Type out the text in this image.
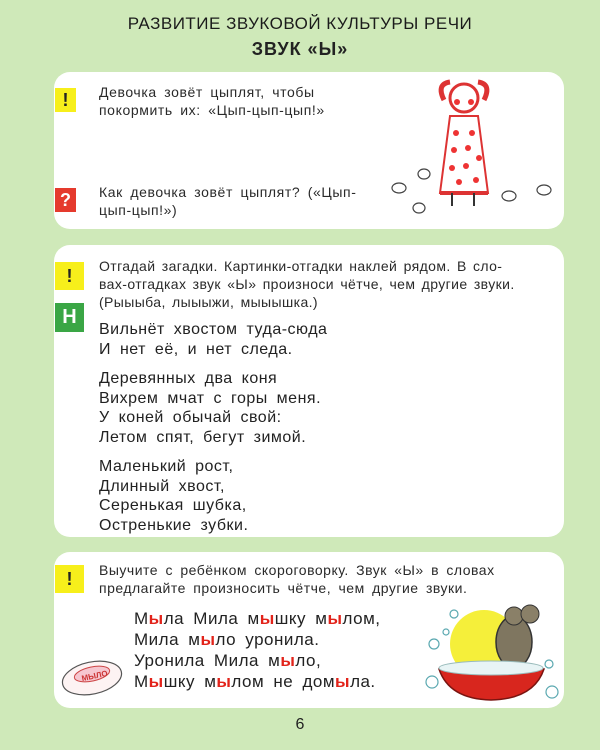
РАЗВИТИЕ ЗВУКОВОЙ КУЛЬТУРЫ РЕЧИ
ЗВУК «Ы»
!	Девочка зовёт цыплят, чтобы
покормить их: «Цып-цып-цып!»
?	Как девочка зовёт цыплят? («Цып-
цып-цып!»)
!
Н
Отгадай загадки. Картинки-отгадки наклей рядом. В сло-
вах-отгадках звук «Ы» произноси чётче, чем другие звуки.
(Рыыыба, лыыыжи, мыыышка.)
Вильнёт хвостом туда-сюда
И нет её, и нет следа.
Деревянных два коня
Вихрем мчат с горы меня.
У коней обычай свой:
Летом спят, бегут зимой.
Маленький рост,
Длинный хвост,
Серенькая шубка,
Остренькие зубки.
!	Выучите с ребёнком скороговорку. Звук «Ы» в словах
предлагайте произносить чётче, чем другие звуки.
Мыла Мила мышку мылом,
Мила мыло уронила.
Уронила Мила мыло,
Мышку мылом не домыла.
МЫЛО
6
